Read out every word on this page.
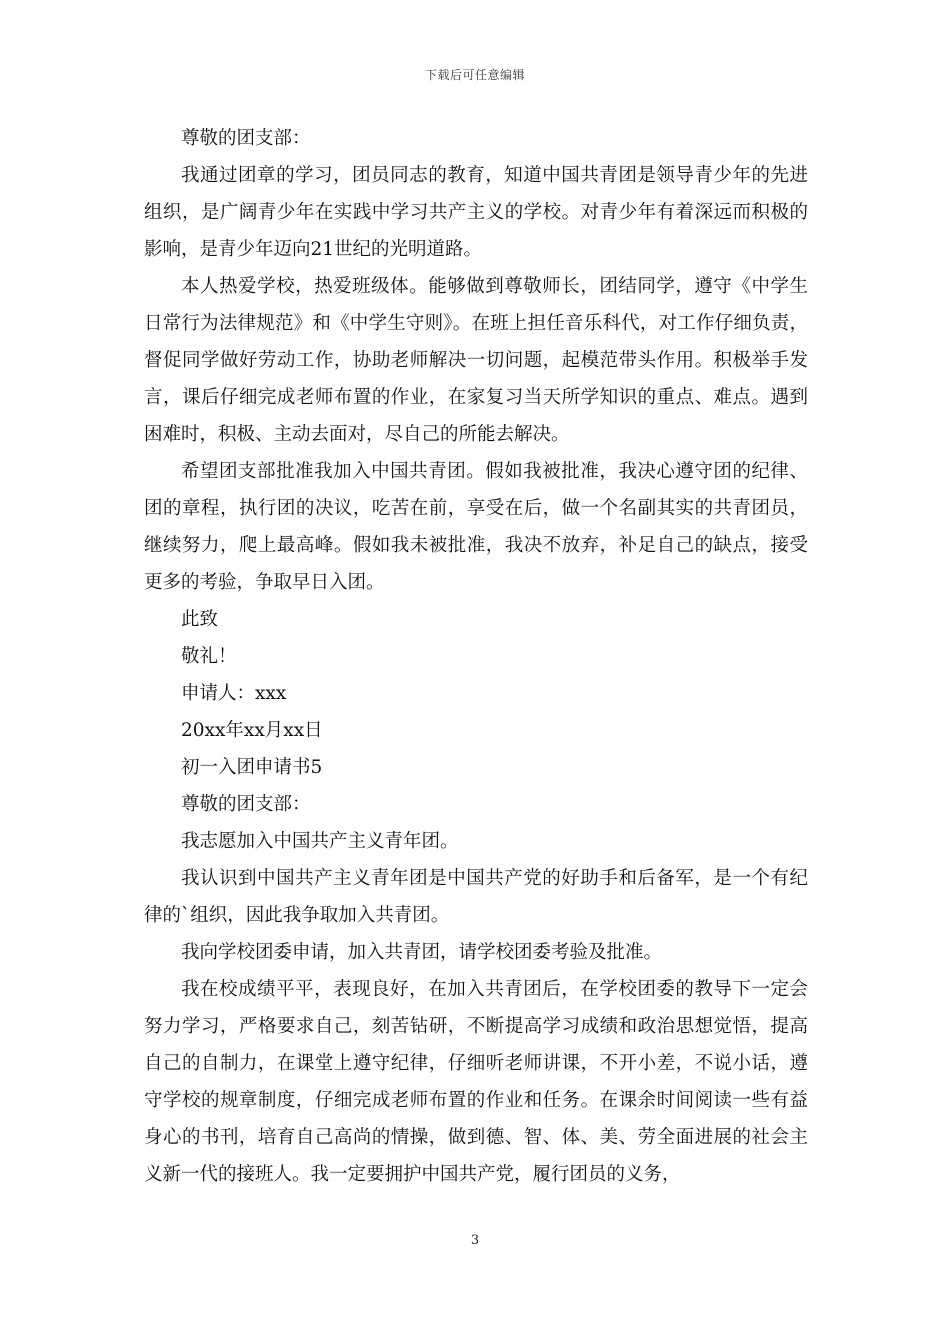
下载后可任意编辑

尊敬的团支部：

我通过团章的学习，团员同志的教育，知道中国共青团是领导青少年的先进组织，是广阔青少年在实践中学习共产主义的学校。对青少年有着深远而积极的影响，是青少年迈向21世纪的光明道路。

本人热爱学校，热爱班级体。能够做到尊敬师长，团结同学，遵守《中学生日常行为法律规范》和《中学生守则》。在班上担任音乐科代，对工作仔细负责，督促同学做好劳动工作，协助老师解决一切问题，起模范带头作用。积极举手发言，课后仔细完成老师布置的作业，在家复习当天所学知识的重点、难点。遇到困难时，积极、主动去面对，尽自己的所能去解决。

希望团支部批准我加入中国共青团。假如我被批准，我决心遵守团的纪律、团的章程，执行团的决议，吃苦在前，享受在后，做一个名副其实的共青团员，继续努力，爬上最高峰。假如我未被批准，我决不放弃，补足自己的缺点，接受更多的考验，争取早日入团。

此致

敬礼！

申请人：xxx

20xx年xx月xx日

初一入团申请书5

尊敬的团支部：

我志愿加入中国共产主义青年团。

我认识到中国共产主义青年团是中国共产党的好助手和后备军，是一个有纪律的`组织，因此我争取加入共青团。

我向学校团委申请，加入共青团，请学校团委考验及批准。

我在校成绩平平，表现良好，在加入共青团后，在学校团委的教导下一定会努力学习，严格要求自己，刻苦钻研，不断提高学习成绩和政治思想觉悟，提高自己的自制力，在课堂上遵守纪律，仔细听老师讲课，不开小差，不说小话，遵守学校的规章制度，仔细完成老师布置的作业和任务。在课余时间阅读一些有益身心的书刊，培育自己高尚的情操，做到德、智、体、美、劳全面进展的社会主义新一代的接班人。我一定要拥护中国共产党，履行团员的义务，

3
